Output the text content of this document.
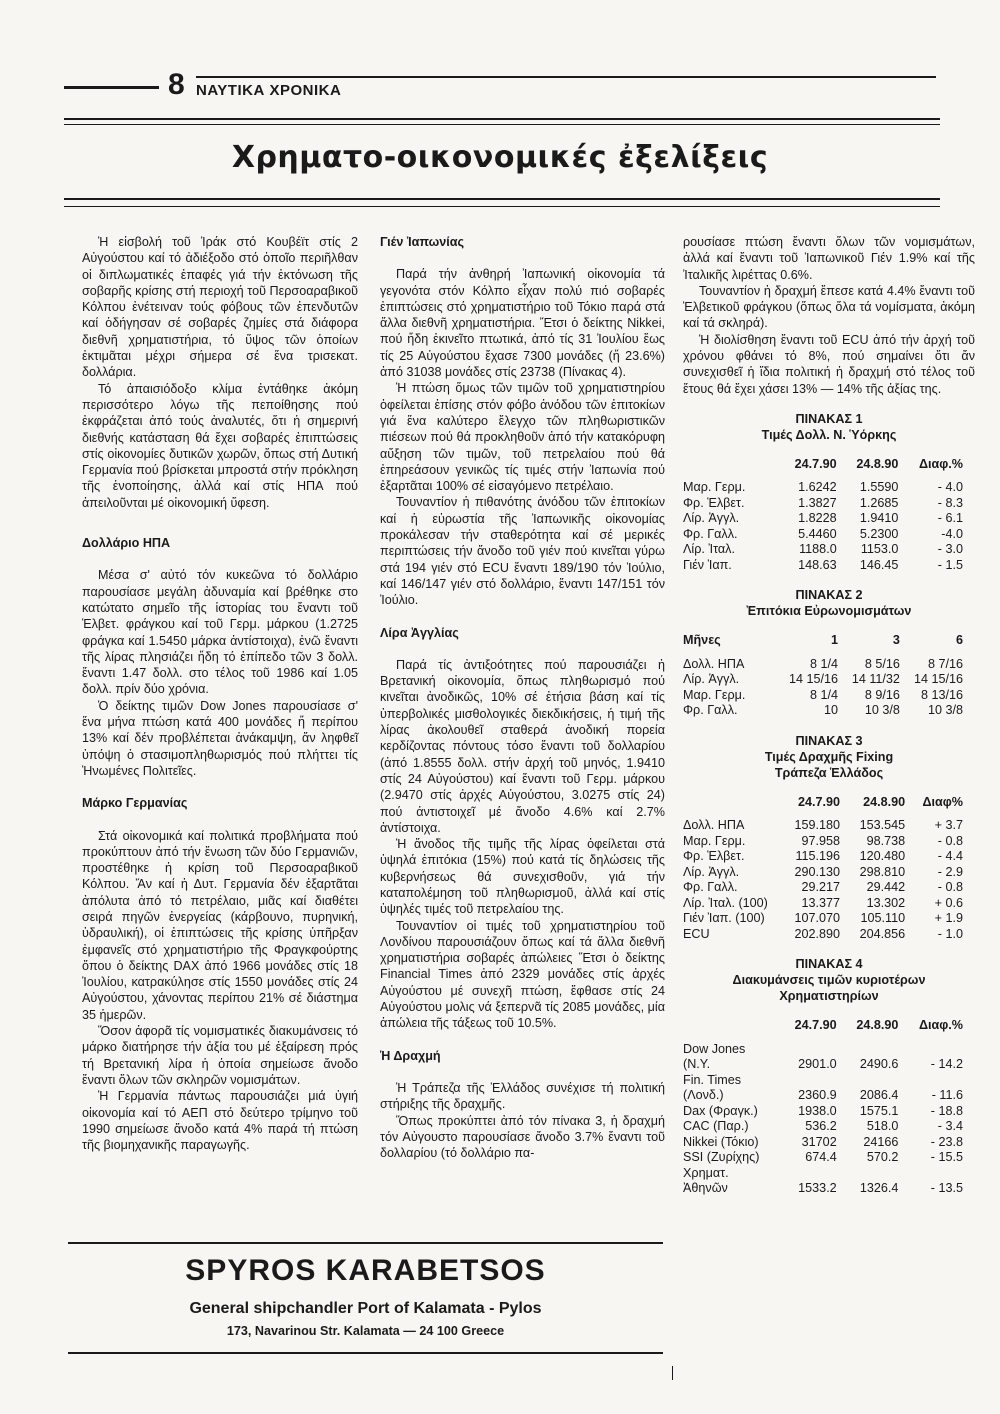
8 ΝΑΥΤΙΚΑ ΧΡΟΝΙΚΑ
Χρηματο-οικονομικές ἐξελίξεις

Ἡ εἰσβολή τοῦ Ἰράκ στό Κουβέϊτ στίς 2 Αὐγούστου καί τό ἀδιέξοδο στό ὁποῖο περιῆλθαν οἱ διπλωματικές ἐπαφές γιά τήν ἐκτόνωση τῆς σοβαρῆς κρίσης στή περιοχή τοῦ Περσοαραβικοῦ Κόλπου ἐνέτειναν τούς φόβους τῶν ἐπενδυτῶν καί ὁδήγησαν σέ σοβαρές ζημίες στά διάφορα διεθνῆ χρηματιστήρια, τό ὕψος τῶν ὁποίων ἐκτιμᾶται μέχρι σήμερα σέ ἕνα τρισεκατ. δολλάρια.

Τό ἀπαισιόδοξο κλίμα ἐντάθηκε ἀκόμη περισσότερο λόγω τῆς πεποίθησης πού ἐκφράζεται ἀπό τούς ἀναλυτές, ὅτι ἡ σημερινή διεθνής κατάσταση θά ἔχει σοβαρές ἐπιπτώσεις στίς οἰκονομίες δυτικῶν χωρῶν, ὅπως στή Δυτική Γερμανία πού βρίσκεται μπροστά στήν πρόκληση τῆς ἑνοποίησης, ἀλλά καί στίς ΗΠΑ πού ἀπειλοῦνται μέ οἰκονομική ὕφεση.

Δολλάριο ΗΠΑ

Μέσα σ' αὐτό τόν κυκεῶνα τό δολλάριο παρουσίασε μεγάλη ἀδυναμία καί βρέθηκε στο κατώτατο σημεῖο τῆς ἱστορίας του ἔναντι τοῦ Ἑλβετ. φράγκου καί τοῦ Γερμ. μάρκου (1.2725 φράγκα καί 1.5450 μάρκα ἀντίστοιχα), ἐνῶ ἔναντι τῆς λίρας πλησιάζει ἤδη τό ἐπίπεδο τῶν 3 δολλ. ἔναντι 1.47 δολλ. στο τέλος τοῦ 1986 καί 1.05 δολλ. πρίν δύο χρόνια.

Ὁ δείκτης τιμῶν Dow Jones παρουσίασε σ' ἕνα μήνα πτώση κατά 400 μονάδες ἤ περίπου 13% καί δέν προβλέπεται ἀνάκαμψη, ἄν ληφθεῖ ὑπόψη ὁ στασιμοπληθωρισμός πού πλήττει τίς Ἡνωμένες Πολιτεῖες.

Μάρκο Γερμανίας

Στά οἰκονομικά καί πολιτικά προβλήματα πού προκύπτουν ἀπό τήν ἕνωση τῶν δύο Γερμανιῶν, προστέθηκε ἡ κρίση τοῦ Περσοαραβικοῦ Κόλπου. Ἄν καί ἡ Δυτ. Γερμανία δέν ἐξαρτᾶται ἀπόλυτα ἀπό τό πετρέλαιο, μιᾶς καί διαθέτει σειρά πηγῶν ἐνεργείας (κάρβουνο, πυρηνική, ὑδραυλική), οἱ ἐπιπτώσεις τῆς κρίσης ὑπῆρξαν ἐμφανεῖς στό χρηματιστήριο τῆς Φραγκφούρτης ὅπου ὁ δείκτης DAX ἀπό 1966 μονάδες στίς 18 Ἰουλίου, κατρακύλησε στίς 1550 μονάδες στίς 24 Αὐγούστου, χάνοντας περίπου 21% σέ διάστημα 35 ἡμερῶν.

Ὅσον ἀφορᾶ τίς νομισματικές διακυμάνσεις τό μάρκο διατήρησε τήν ἀξία του μέ ἐξαίρεση πρός τή Βρετανική λίρα ἡ ὁποία σημείωσε ἄνοδο ἔναντι ὅλων τῶν σκληρῶν νομισμάτων.

Ἡ Γερμανία πάντως παρουσιάζει μιά ὑγιή οἰκονομία καί τό ΑΕΠ στό δεύτερο τρίμηνο τοῦ 1990 σημείωσε ἄνοδο κατά 4% παρά τή πτώση τῆς βιομηχανικῆς παραγωγῆς.

Γιέν Ἰαπωνίας

Παρά τήν ἀνθηρή Ἰαπωνική οἰκονομία τά γεγονότα στόν Κόλπο εἶχαν πολύ πιό σοβαρές ἐπιπτώσεις στό χρηματιστήριο τοῦ Τόκιο παρά στά ἄλλα διεθνῆ χρηματιστήρια. Ἔτσι ὁ δείκτης Nikkei, πού ἤδη ἐκινεῖτο πτωτικά, ἀπό τίς 31 Ἰουλίου ἕως τίς 25 Αὐγούστου ἔχασε 7300 μονάδες (ἤ 23.6%) ἀπό 31038 μονάδες στίς 23738 (Πίνακας 4).

Ἡ πτώση ὅμως τῶν τιμῶν τοῦ χρηματιστηρίου ὀφείλεται ἐπίσης στόν φόβο ἀνόδου τῶν ἐπιτοκίων γιά ἕνα καλύτερο ἔλεγχο τῶν πληθωριστικῶν πιέσεων πού θά προκληθοῦν ἀπό τήν κατακόρυφη αὔξηση τῶν τιμῶν, τοῦ πετρελαίου πού θά ἐπηρεάσουν γενικῶς τίς τιμές στήν Ἰαπωνία πού ἐξαρτᾶται 100% σέ εἰσαγόμενο πετρέλαιο.

Τουναντίον ἡ πιθανότης ἀνόδου τῶν ἐπιτοκίων καί ἡ εὐρωστία τῆς Ἰαπωνικῆς οἰκονομίας προκάλεσαν τήν σταθερότητα καί σέ μερικές περιπτώσεις τήν ἄνοδο τοῦ γιέν πού κινεῖται γύρω στά 194 γιέν στό ECU ἔναντι 189/190 τόν Ἰούλιο, καί 146/147 γιέν στό δολλάριο, ἔναντι 147/151 τόν Ἰούλιο.

Λίρα Ἀγγλίας

Παρά τίς ἀντιξοότητες πού παρουσιάζει ἡ Βρετανική οἰκονομία, ὅπως πληθωρισμό πού κινεῖται ἀνοδικῶς, 10% σέ ἐτήσια βάση καί τίς ὑπερβολικές μισθολογικές διεκδικήσεις, ἡ τιμή τῆς λίρας ἀκολουθεῖ σταθερά ἀνοδική πορεία κερδίζοντας πόντους τόσο ἔναντι τοῦ δολλαρίου (ἀπό 1.8555 δολλ. στήν ἀρχή τοῦ μηνός, 1.9410 στίς 24 Αὐγούστου) καί ἔναντι τοῦ Γερμ. μάρκου (2.9470 στίς ἀρχές Αὐγούστου, 3.0275 στίς 24) πού ἀντιστοιχεῖ μέ ἄνοδο 4.6% καί 2.7% ἀντίστοιχα.

Ἡ ἄνοδος τῆς τιμῆς τῆς λίρας ὀφείλεται στά ὑψηλά ἐπιτόκια (15%) πού κατά τίς δηλώσεις τῆς κυβερνήσεως θά συνεχισθοῦν, γιά τήν καταπολέμηση τοῦ πληθωρισμοῦ, ἀλλά καί στίς ὑψηλές τιμές τοῦ πετρελαίου της.

Τουναντίον οἱ τιμές τοῦ χρηματιστηρίου τοῦ Λονδίνου παρουσιάζουν ὅπως καί τά ἄλλα διεθνῆ χρηματιστήρια σοβαρές ἀπώλειες Ἔτσι ὁ δείκτης Financial Times ἀπό 2329 μονάδες στίς ἀρχές Αὐγούστου μέ συνεχῆ πτώση, ἔφθασε στίς 24 Αὐγούστου μολις νά ξεπερνᾶ τίς 2085 μονάδες, μία ἀπώλεια τῆς τάξεως τοῦ 10.5%.

Ἡ Δραχμή

Ἡ Τράπεζα τῆς Ἑλλάδος συνέχισε τή πολιτική στήριξης τῆς δραχμῆς.

Ὅπως προκύπτει ἀπό τόν πίνακα 3, ἡ δραχμή τόν Αὐγουστο παρουσίασε ἄνοδο 3.7% ἔναντι τοῦ δολλαρίου (τό δολλάριο πα-

ρουσίασε πτώση ἔναντι ὅλων τῶν νομισμάτων, ἀλλά καί ἔναντι τοῦ Ἰαπωνικοῦ Γιέν 1.9% καί τῆς Ἰταλικῆς λιρέττας 0.6%.

Τουναντίον ἡ δραχμή ἔπεσε κατά 4.4% ἔναντι τοῦ Ἑλβετικοῦ φράγκου (ὅπως ὅλα τά νομίσματα, ἀκόμη καί τά σκληρά).

Ἡ διολίσθηση ἔναντι τοῦ ECU ἀπό τήν ἀρχή τοῦ χρόνου φθάνει τό 8%, πού σημαίνει ὅτι ἄν συνεχισθεῖ ἡ ἴδια πολιτική ἡ δραχμή στό τέλος τοῦ ἔτους θά ἔχει χάσει 13% — 14% τῆς ἀξίας της.

ΠΙΝΑΚΑΣ 1
Τιμές Δολλ. Ν. Ὑόρκης
	24.7.90	24.8.90	Διαφ.%
Μαρ. Γερμ.	1.6242	1.5590	- 4.0
Φρ. Ἑλβετ.	1.3827	1.2685	- 8.3
Λίρ. Ἀγγλ.	1.8228	1.9410	- 6.1
Φρ. Γαλλ.	5.4460	5.2300	-4.0
Λίρ. Ἰταλ.	1188.0	1153.0	- 3.0
Γιέν Ἰαπ.	148.63	146.45	- 1.5
ΠΙΝΑΚΑΣ 2
Ἐπιτόκια Εὐρωνομισμάτων
Μῆνες	1	3	6
Δολλ. ΗΠΑ	8 1/4	8 5/16	8 7/16
Λίρ. Ἀγγλ.	14 15/16	14 11/32	14 15/16
Μαρ. Γερμ.	8 1/4	8 9/16	8 13/16
Φρ. Γαλλ.	10	10 3/8	10 3/8
ΠΙΝΑΚΑΣ 3
Τιμές Δραχμῆς Fixing
Τράπεζα Ἑλλάδος
	24.7.90	24.8.90	Διαφ%
Δολλ. ΗΠΑ	159.180	153.545	+ 3.7
Μαρ. Γερμ.	97.958	98.738	- 0.8
Φρ. Ἑλβετ.	115.196	120.480	- 4.4
Λίρ. Ἀγγλ.	290.130	298.810	- 2.9
Φρ. Γαλλ.	29.217	29.442	- 0.8
Λίρ. Ἰταλ. (100)	13.377	13.302	+ 0.6
Γιέν Ἰαπ. (100)	107.070	105.110	+ 1.9
ECU	202.890	204.856	- 1.0
ΠΙΝΑΚΑΣ 4
Διακυμάνσεις τιμῶν κυριοτέρων Χρηματιστηρίων
	24.7.90	24.8.90	Διαφ.%
Dow Jones (N.Y.	2901.0	2490.6	- 14.2
Fin. Times (Λονδ.)	2360.9	2086.4	- 11.6
Dax (Φραγκ.)	1938.0	1575.1	- 18.8
CAC (Παρ.)	536.2	518.0	- 3.4
Nikkei (Τόκιο)	31702	24166	- 23.8
SSI (Ζυρίχης)	674.4	570.2	- 15.5
Χρηματ. Ἀθηνῶν	1533.2	1326.4	- 13.5
SPYROS KARABETSOS
General shipchandler Port of Kalamata - Pylos
173, Navarinou Str. Kalamata — 24 100 Greece
